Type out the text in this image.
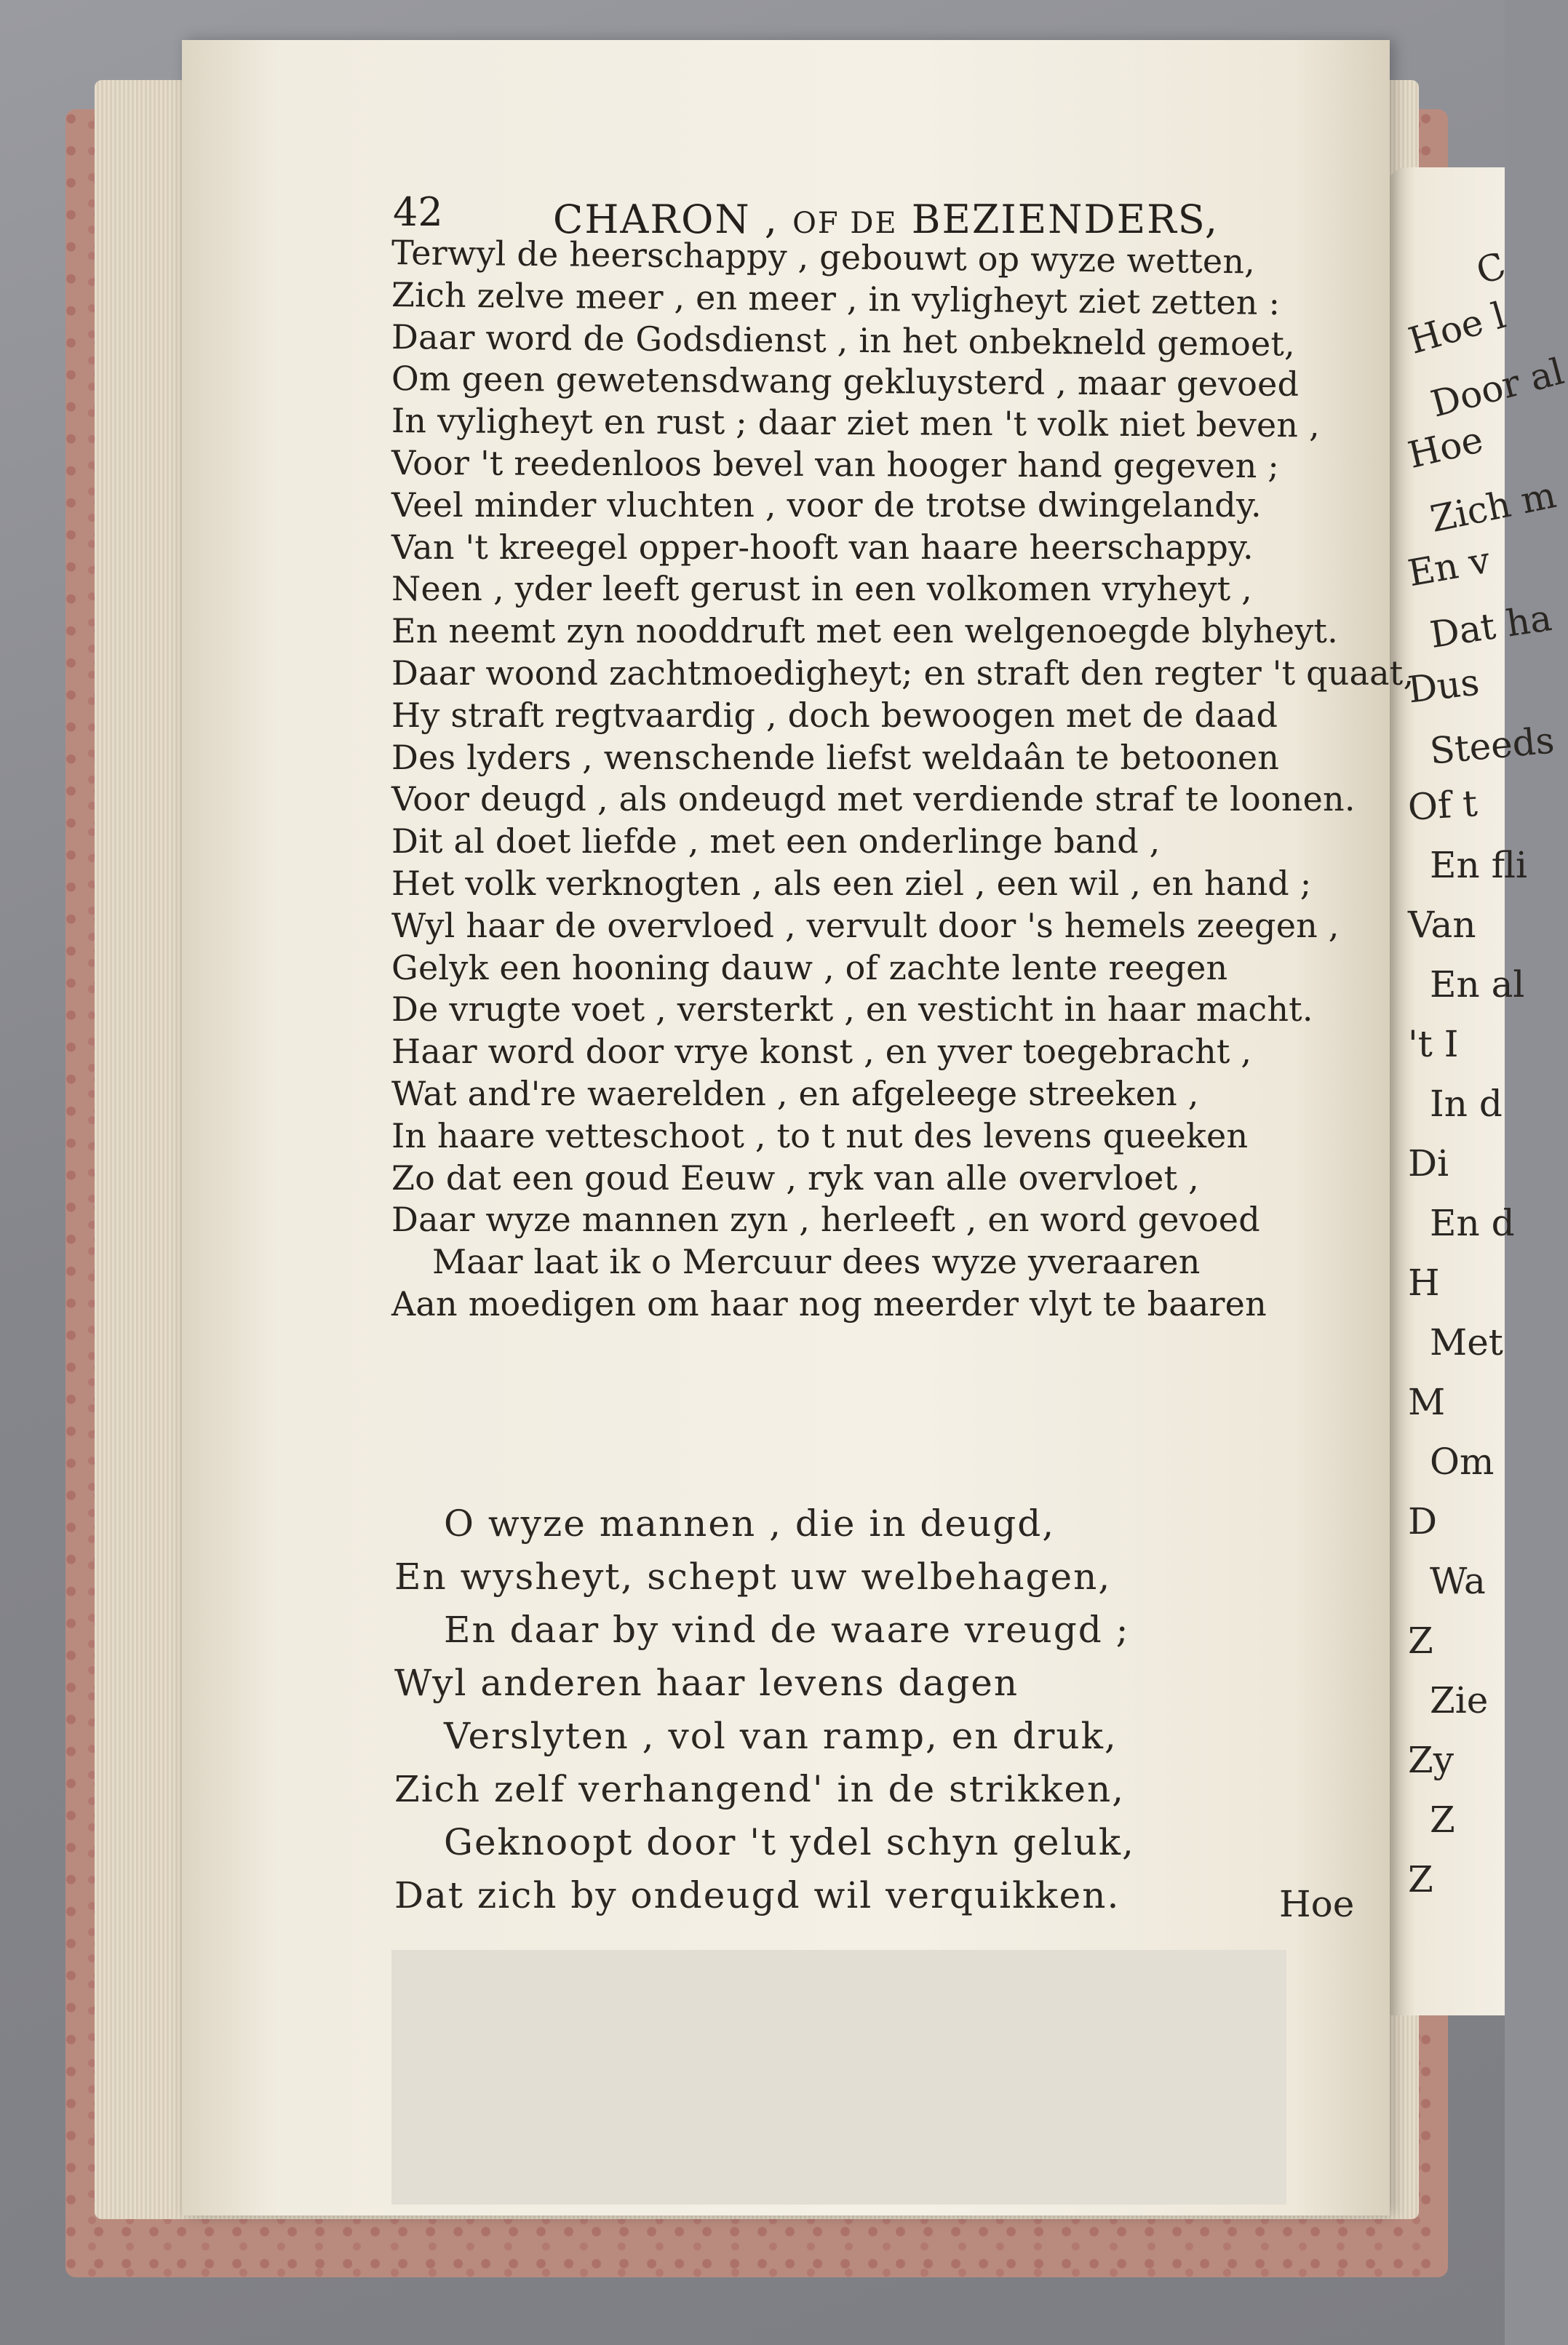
C
Hoe l
Door al
Hoe
Zich m
En v
Dat ha
Dus
Steeds
Of t
En fli
Van
En al
't I
In d
Di
En d
H
Met
M
Om
D
Wa
Z
Zie
Zy
Z
Z
42	CHARON , OF DE BEZIENDERS,
Terwyl de heerschappy , gebouwt op wyze wetten,
Zich zelve meer , en meer , in vyligheyt ziet zetten :
Daar word de Godsdienst , in het onbekneld gemoet,
Om geen gewetensdwang gekluysterd , maar gevoed
In vyligheyt en rust ; daar ziet men 't volk niet beven ,
Voor 't reedenloos bevel van hooger hand gegeven ;
Veel minder vluchten , voor de trotse dwingelandy.
Van 't kreegel opper-hooft van haare heerschappy.
Neen , yder leeft gerust in een volkomen vryheyt ,
En neemt zyn nooddruft met een welgenoegde blyheyt.
Daar woond zachtmoedigheyt; en straft den regter 't quaat,
Hy straft regtvaardig , doch bewoogen met de daad
Des lyders , wenschende liefst weldaân te betoonen
Voor deugd , als ondeugd met verdiende straf te loonen.
Dit al doet liefde , met een onderlinge band ,
Het volk verknogten , als een ziel , een wil , en hand ;
Wyl haar de overvloed , vervult door 's hemels zeegen ,
Gelyk een hooning dauw , of zachte lente reegen
De vrugte voet , versterkt , en vesticht in haar macht.
Haar word door vrye konst , en yver toegebracht ,
Wat and're waerelden , en afgeleege streeken ,
In haare vetteschoot , to t nut des levens queeken
Zo dat een goud Eeuw , ryk van alle overvloet ,
Daar wyze mannen zyn , herleeft , en word gevoed
Maar laat ik o Mercuur dees wyze yveraaren
Aan moedigen om haar nog meerder vlyt te baaren
O wyze mannen , die in deugd,
En wysheyt, schept uw welbehagen,
En daar by vind de waare vreugd ;
Wyl anderen haar levens dagen
Verslyten , vol van ramp, en druk,
Zich zelf verhangend' in de strikken,
Geknoopt door 't ydel schyn geluk,
Dat zich by ondeugd wil verquikken.	Hoe
